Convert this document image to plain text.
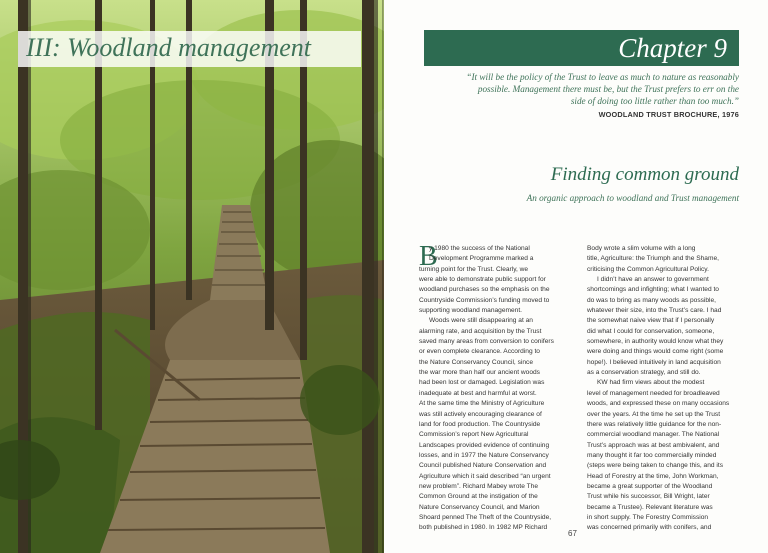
III: Woodland management	Chapter 9
“It will be the policy of the Trust to leave as much to nature as reasonably
possible. Management there must be, but the Trust prefers to err on the
side of doing too little rather than too much.”
WOODLAND TRUST BROCHURE, 1976
Finding common ground
An organic approach to woodland and Trust management
B

y 1980 the success of the National

Development Programme marked a

turning point for the Trust. Clearly, we

were able to demonstrate public support for

woodland purchases so the emphasis on the

Countryside Commission’s funding moved to

supporting woodland management.

Woods were still disappearing at an

alarming rate, and acquisition by the Trust

saved many areas from conversion to conifers

or even complete clearance. According to

the Nature Conservancy Council, since

the war more than half our ancient woods

had been lost or damaged. Legislation was

inadequate at best and harmful at worst.

At the same time the Ministry of Agriculture

was still actively encouraging clearance of

land for food production. The Countryside

Commission’s report New Agricultural

Landscapes provided evidence of continuing

losses, and in 1977 the Nature Conservancy

Council published Nature Conservation and

Agriculture which it said described “an urgent

new problem”. Richard Mabey wrote The

Common Ground at the instigation of the

Nature Conservancy Council, and Marion

Shoard penned The Theft of the Countryside,

both published in 1980. In 1982 MP Richard

Body wrote a slim volume with a long

title, Agriculture: the Triumph and the Shame,

criticising the Common Agricultural Policy.

I didn’t have an answer to government

shortcomings and infighting; what I wanted to

do was to bring as many woods as possible,

whatever their size, into the Trust’s care. I had

the somewhat naive view that if I personally

did what I could for conservation, someone,

somewhere, in authority would know what they

were doing and things would come right (some

hope!). I believed intuitively in land acquisition

as a conservation strategy, and still do.

KW had firm views about the modest

level of management needed for broadleaved

woods, and expressed these on many occasions

over the years. At the time he set up the Trust

there was relatively little guidance for the non-

commercial woodland manager. The National

Trust’s approach was at best ambivalent, and

many thought it far too commercially minded

(steps were being taken to change this, and its

Head of Forestry at the time, John Workman,

became a great supporter of the Woodland

Trust while his successor, Bill Wright, later

became a Trustee). Relevant literature was

in short supply. The Forestry Commission

was concerned primarily with conifers, and

67
